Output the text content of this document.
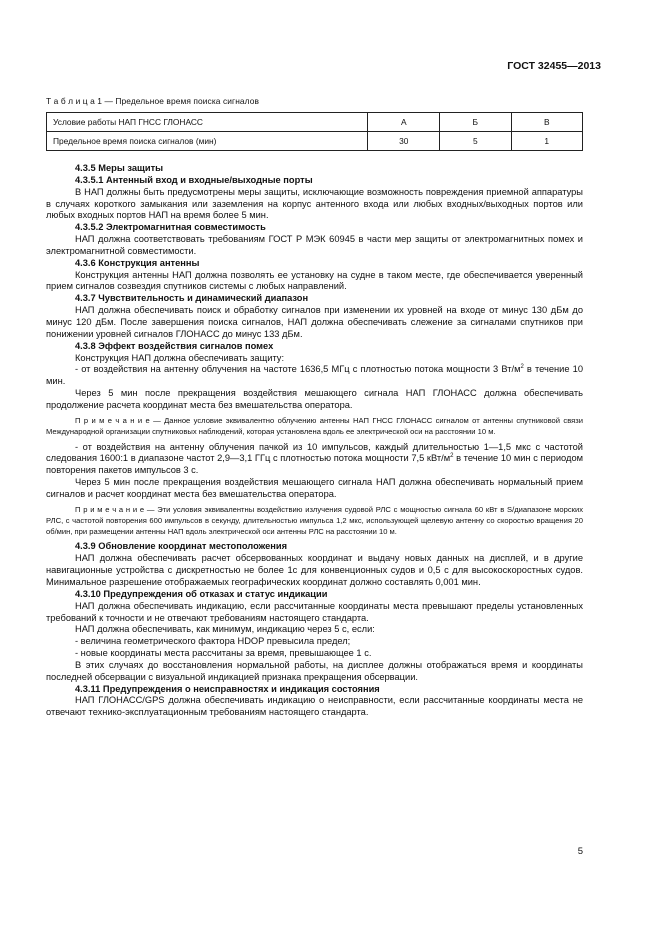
ГОСТ 32455—2013
Т а б л и ц а 1 — Предельное время поиска сигналов
Условие работы НАП ГНСС ГЛОНАСС	А	Б	В
Предельное время поиска сигналов (мин)	30	5	1

4.3.5 Меры защиты

4.3.5.1 Антенный вход и входные/выходные порты

В НАП должны быть предусмотрены меры защиты, исключающие возможность повреждения приемной аппаратуры в случаях короткого замыкания или заземления на корпус антенного входа или любых входных/выходных портов или любых входных портов НАП на время более 5 мин.

4.3.5.2 Электромагнитная совместимость

НАП должна соответствовать требованиям ГОСТ Р МЭК 60945 в части мер защиты от электромагнитных помех и электромагнитной совместимости.

4.3.6 Конструкция антенны

Конструкция антенны НАП должна позволять ее установку на судне в таком месте, где обеспечивается уверенный прием сигналов созвездия спутников системы с любых направлений.

4.3.7 Чувствительность и динамический диапазон

НАП должна обеспечивать поиск и обработку сигналов при изменении их уровней на входе от минус 130 дБм до минус 120 дБм. После завершения поиска сигналов, НАП должна обеспечивать слежение за сигналами спутников при понижении уровней сигналов ГЛОНАСС до минус 133 дБм.

4.3.8 Эффект воздействия сигналов помех

Конструкция НАП должна обеспечивать защиту:

- от воздействия на антенну облучения на частоте 1636,5 МГц с плотностью потока мощности 3 $Вт/м^2$ в течение 10 мин.

Через 5 мин после прекращения воздействия мешающего сигнала НАП ГЛОНАСС должна обеспечивать продолжение расчета координат места без вмешательства оператора.

П р и м е ч а н и е — Данное условие эквивалентно облучению антенны НАП ГНСС ГЛОНАСС сигналом от антенны спутниковой связи Международной организации спутниковых наблюдений, которая установлена вдоль ее электрической оси на расстоянии 10 м.

- от воздействия на антенну облучения пачкой из 10 импульсов, каждый длительностью 1—1,5 мкс с частотой следования 1600:1 в диапазоне частот 2,9—3,1 ГГц с плотностью потока мощности 7,5 кВт/$м^2$ в течение 10 мин с периодом повторения пакетов импульсов 3 с.

Через 5 мин после прекращения воздействия мешающего сигнала НАП должна обеспечивать нормальный прием сигналов и расчет координат места без вмешательства оператора.

П р и м е ч а н и е — Эти условия эквивалентны воздействию излучения судовой РЛС с мощностью сигнала 60 кВт в S/диапазоне морских РЛС, с частотой повторения 600 импульсов в секунду, длительностью импульса 1,2 мкс, использующей щелевую антенну со скоростью вращения 20 об/мин, при размещении антенны НАП вдоль электрической оси антенны РЛС на расстоянии 10 м.

4.3.9 Обновление координат местоположения

НАП должна обеспечивать расчет обсервованных координат и выдачу новых данных на дисплей, и в другие навигационные устройства с дискретностью не более 1с для конвенционных судов и 0,5 с для высокоскоростных судов. Минимальное разрешение отображаемых географических координат должно составлять 0,001 мин.

4.3.10 Предупреждения об отказах и статус индикации

НАП должна обеспечивать индикацию, если рассчитанные координаты места превышают пределы установленных требований к точности и не отвечают требованиям настоящего стандарта.

НАП должна обеспечивать, как минимум, индикацию через 5 с, если:

- величина геометрического фактора HDOP превысила предел;

- новые координаты места рассчитаны за время, превышающее 1 с.

В этих случаях до восстановления нормальной работы, на дисплее должны отображаться время и координаты последней обсервации с визуальной индикацией признака прекращения обсервации.

4.3.11 Предупреждения о неисправностях и индикация состояния

НАП ГЛОНАСС/GPS должна обеспечивать индикацию о неисправности, если рассчитанные координаты места не отвечают технико-эксплуатационным требованиям настоящего стандарта.

5
